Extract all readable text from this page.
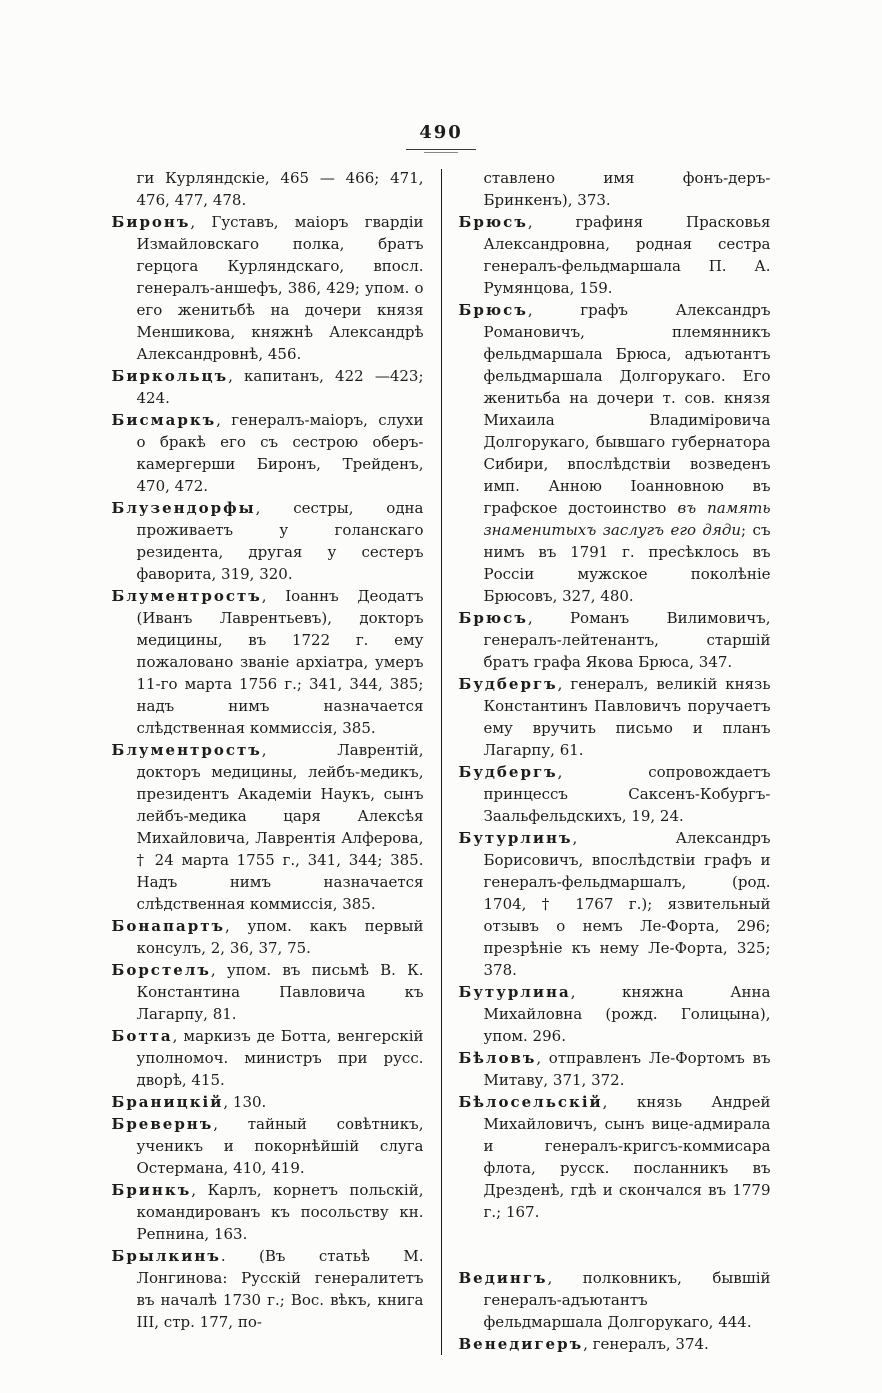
490

ги Курляндскіе, 465 — 466; 471, 476, 477, 478.

Биронъ, Густавъ, маіоръ гвардіи Измайловскаго полка, братъ герцога Курляндскаго, впосл. генералъ-аншефъ, 386, 429; упом. о его женитьбѣ на дочери князя Меншикова, княжнѣ Александрѣ Александровнѣ, 456.

Биркольцъ, капитанъ, 422 —423; 424.

Бисмаркъ, генералъ-маіоръ, слухи о бракѣ его съ сестрою оберъ-камергерши Биронъ, Трейденъ, 470, 472.

Блузендорфы, сестры, одна проживаетъ у голанскаго резидента, другая у сестеръ фаворита, 319, 320.

Блументростъ, Іоаннъ Деодатъ (Иванъ Лаврентьевъ), докторъ медицины, въ 1722 г. ему пожаловано званіе архіатра, умеръ 11-го марта 1756 г.; 341, 344, 385; надъ нимъ назначается слѣдственная коммиссія, 385.

Блументростъ, Лаврентій, докторъ медицины, лейбъ-медикъ, президентъ Академіи Наукъ, сынъ лейбъ-медика царя Алексѣя Михайловича, Лаврентія Алферова, † 24 марта 1755 г., 341, 344; 385. Надъ нимъ назначается слѣдственная коммиссія, 385.

Бонапартъ, упом. какъ первый консулъ, 2, 36, 37, 75.

Борстелъ, упом. въ письмѣ В. К. Константина Павловича къ Лагарпу, 81.

Ботта, маркизъ де Ботта, венгерскій уполномоч. министръ при русс. дворѣ, 415.

Браницкій, 130.

Бревернъ, тайный совѣтникъ, ученикъ и покорнѣйшій слуга Остермана, 410, 419.

Бринкъ, Карлъ, корнетъ польскій, командированъ къ посольству кн. Репнина, 163.

Брылкинъ. (Въ статьѣ М. Лонгинова: Русскій генералитетъ въ началѣ 1730 г.; Вос. вѣкъ, книга III, стр. 177, по-

ставлено имя фонъ-деръ-Бринкенъ), 373.

Брюсъ, графиня Прасковья Александровна, родная сестра генералъ-фельдмаршала П. А. Румянцова, 159.

Брюсъ, графъ Александръ Романовичъ, племянникъ фельдмаршала Брюса, адъютантъ фельдмаршала Долгорукаго. Его женитьба на дочери т. сов. князя Михаила Владиміровича Долгорукаго, бывшаго губернатора Сибири, впослѣдствіи возведенъ имп. Анною Іоанновною въ графское достоинство въ память знаменитыхъ заслугъ его дяди; съ нимъ въ 1791 г. пресѣклось въ Россіи мужское поколѣніе Брюсовъ, 327, 480.

Брюсъ, Романъ Вилимовичъ, генералъ-лейтенантъ, старшій братъ графа Якова Брюса, 347.

Будбергъ, генералъ, великій князь Константинъ Павловичъ поручаетъ ему вручить письмо и планъ Лагарпу, 61.

Будбергъ, сопровождаетъ принцессъ Саксенъ-Кобургъ-Заальфельдскихъ, 19, 24.

Бутурлинъ, Александръ Борисовичъ, впослѣдствіи графъ и генералъ-фельдмаршалъ, (род. 1704, † 1767 г.); язвительный отзывъ о немъ Ле-Форта, 296; презрѣніе къ нему Ле-Форта, 325; 378.

Бутурлина, княжна Анна Михайловна (рожд. Голицына), упом. 296.

Бѣловъ, отправленъ Ле-Фортомъ въ Митаву, 371, 372.

Бѣлосельскій, князь Андрей Михайловичъ, сынъ вице-адмирала и генералъ-кригсъ-коммисара флота, русск. посланникъ въ Дрезденѣ, гдѣ и скончался въ 1779 г.; 167.

Ведингъ, полковникъ, бывшій генералъ-адъютантъ фельдмаршала Долгорукаго, 444.

Венедигеръ, генералъ, 374.
